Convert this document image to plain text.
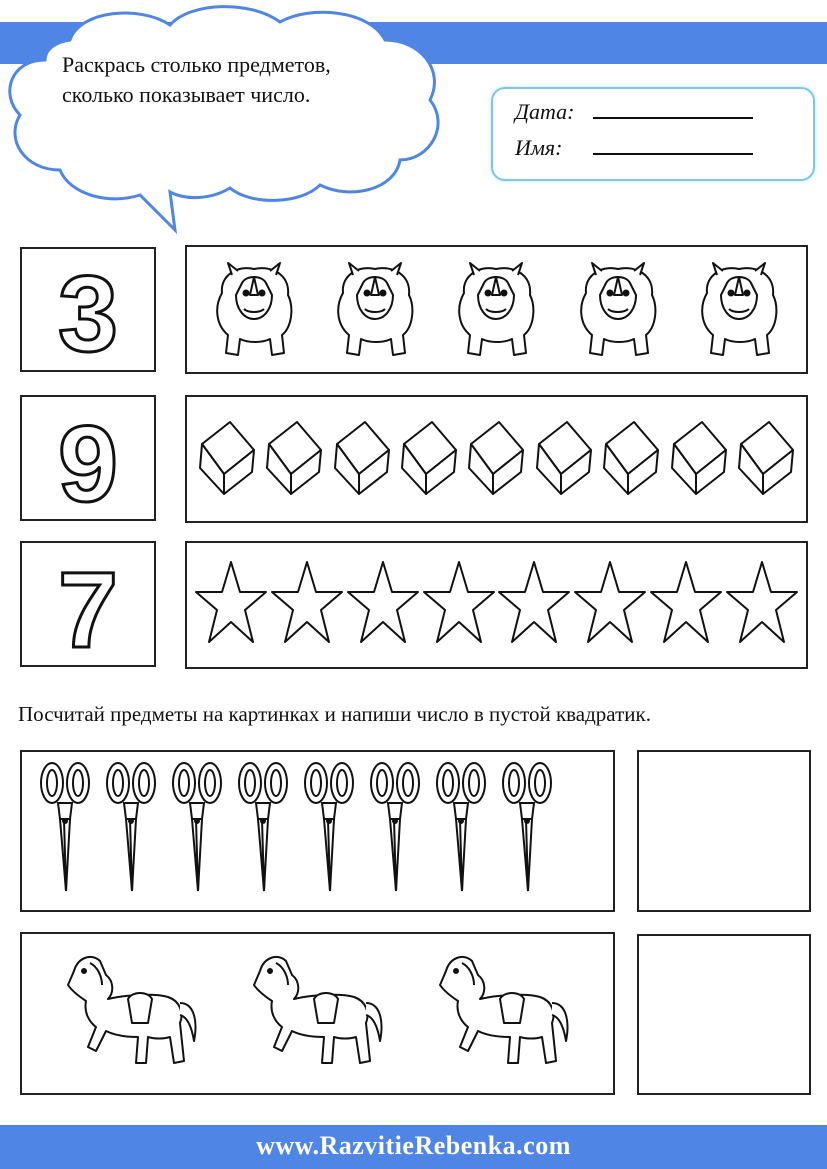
Раскрась столько предметов,
сколько показывает число.
Дата:
Имя:
3
9
7
Посчитай предметы на картинках и напиши число в пустой квадратик.
www.RazvitieRebenka.com
